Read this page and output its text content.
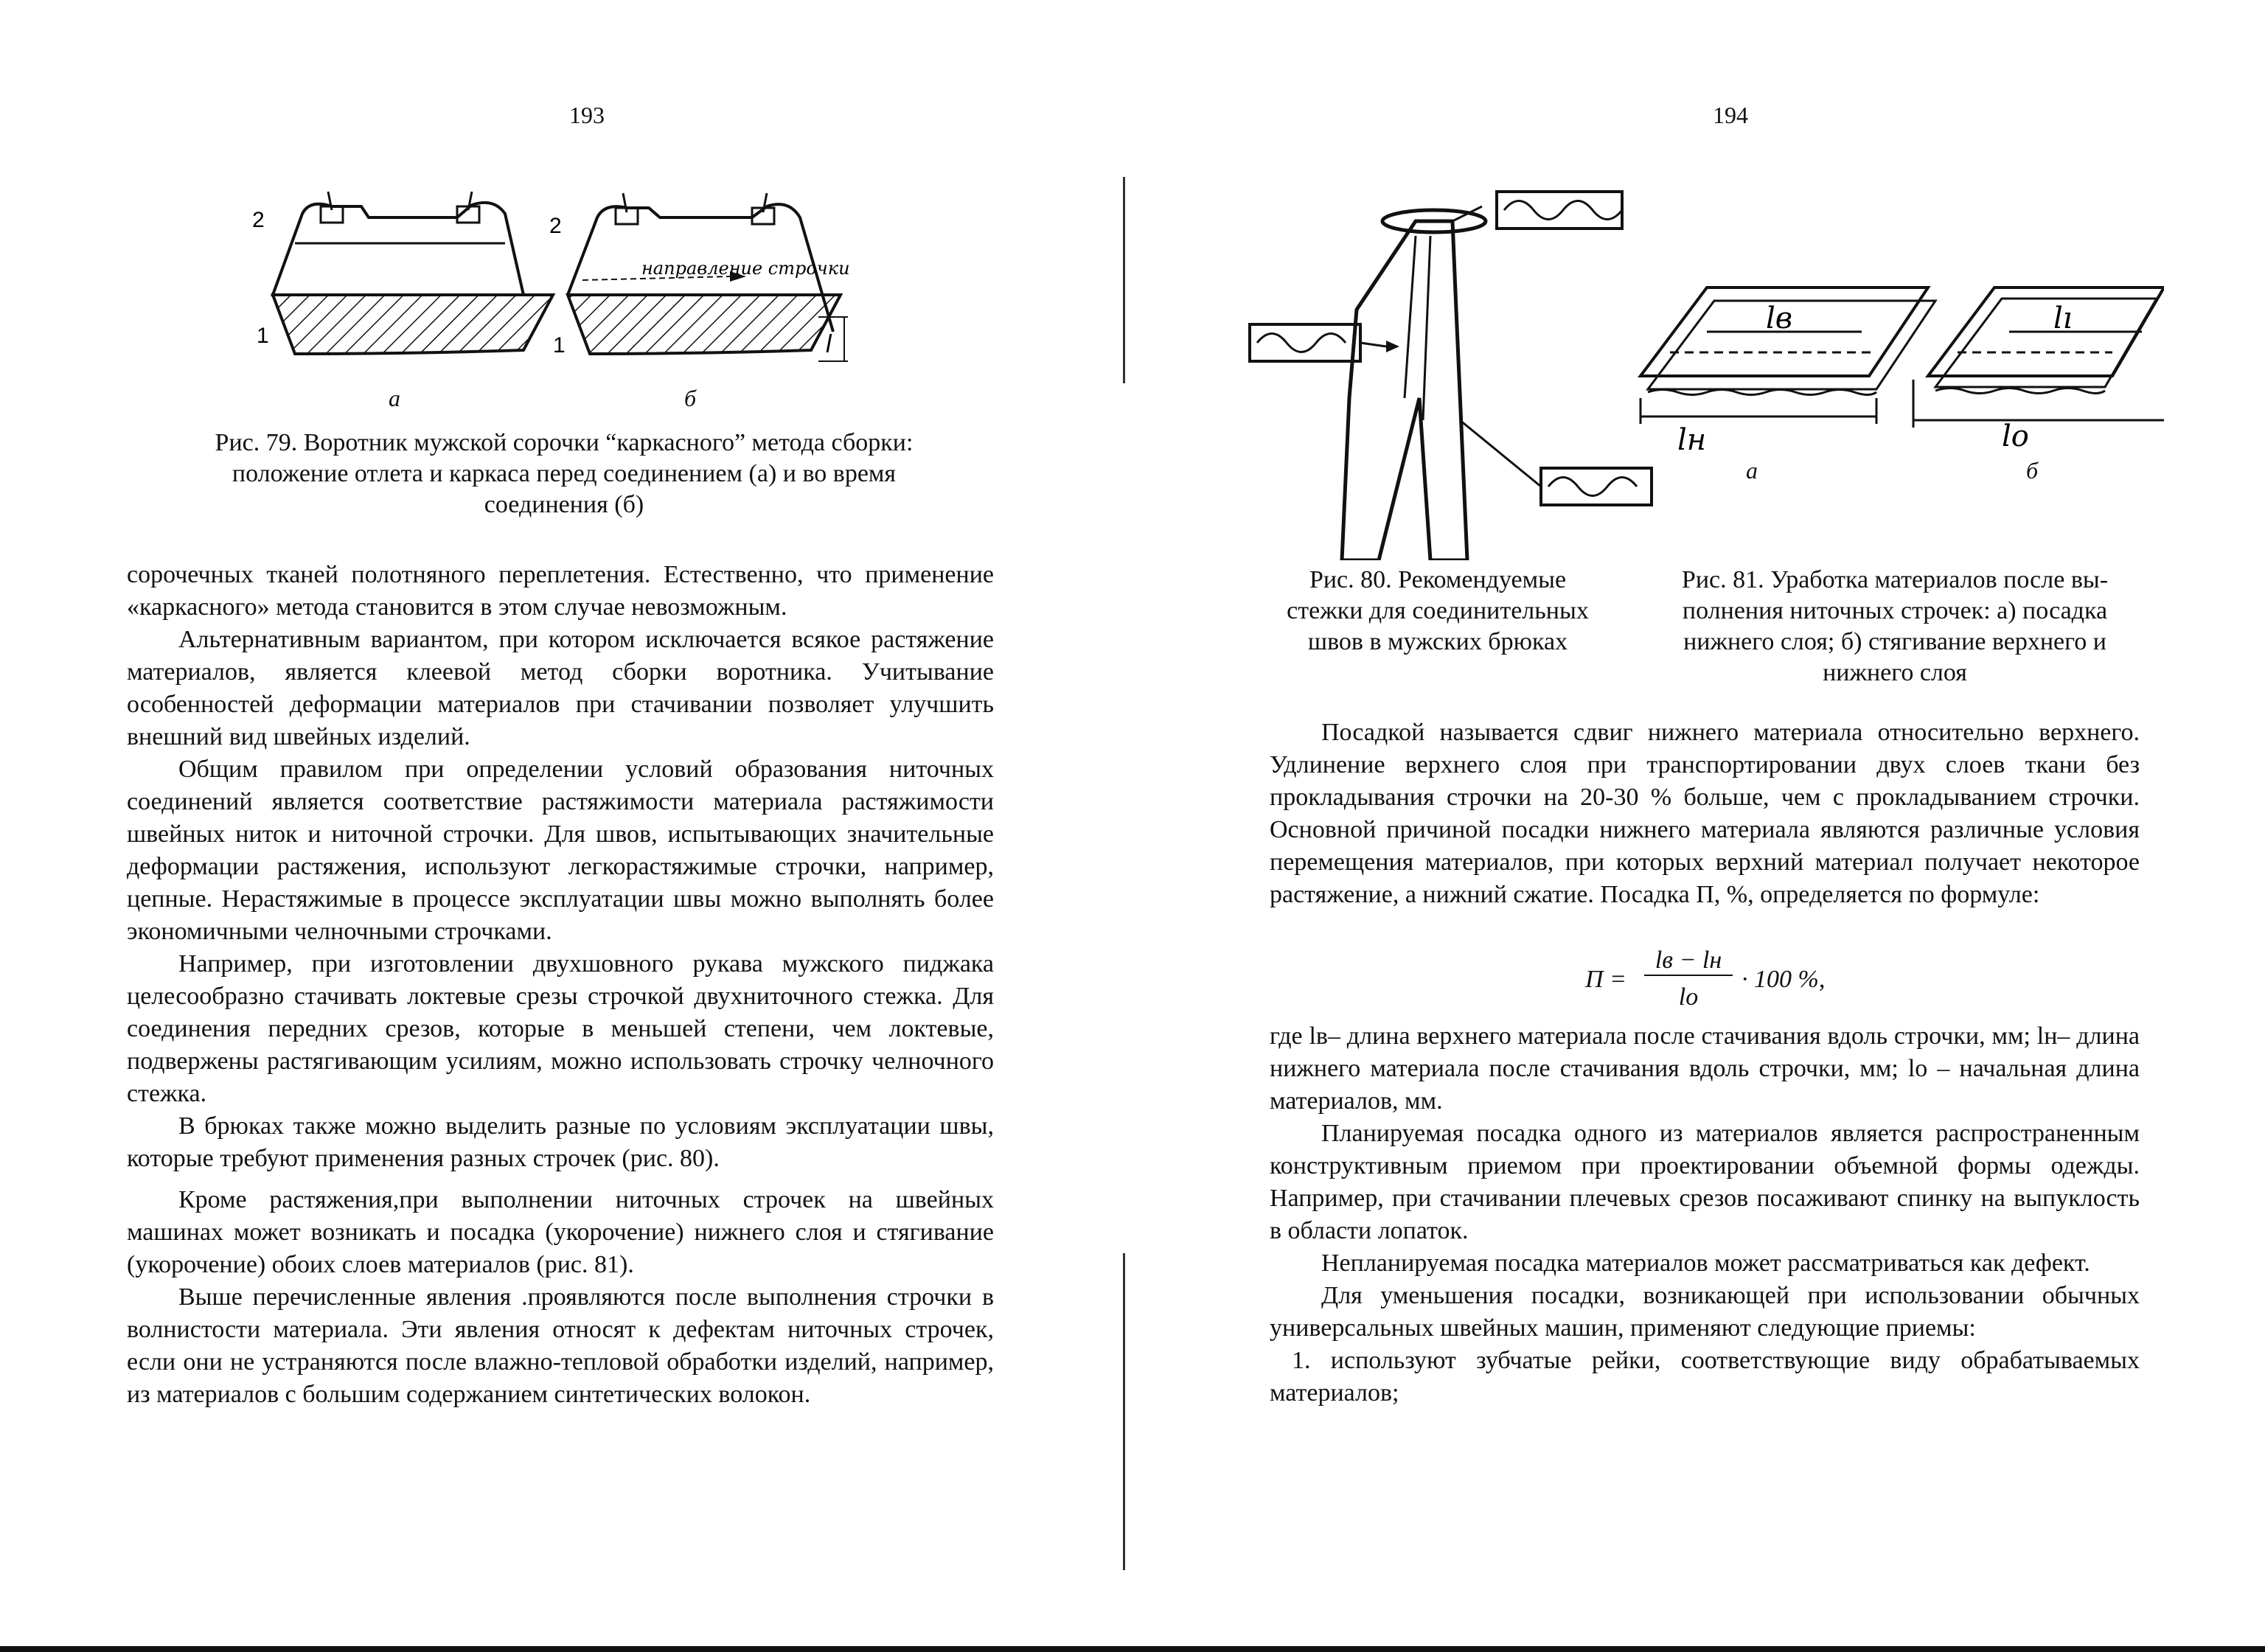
193
направление строчки
2
1
2
1	l
а	б
Рис. 79. Воротник мужской сорочки “каркасного” метода сборки:
положение отлета и каркаса перед соединением (а) и во время
соединения (б)

сорочечных тканей полотняного переплетения. Естественно, что применение «каркасного» метода становится в этом случае невозможным.

Альтернативным вариантом, при котором исключается всякое растяжение материалов, является клеевой метод сборки воротника. Учитывание особенностей деформации материалов при стачивании позволяет улучшить внешний вид швейных изделий.

Общим правилом при определении условий образования ниточных соединений является соответствие растяжимости материала растяжимости швейных ниток и ниточной строчки. Для швов, испытывающих значительные деформации растяжения, используют легкорастяжимые строчки, например, цепные. Нерастяжимые в процессе эксплуатации швы можно выполнять более экономичными челночными строчками.

Например, при изготовлении двухшовного рукава мужского пиджака целесообразно стачивать локтевые срезы строчкой двухниточного стежка. Для соединения передних срезов, которые в меньшей степени, чем локтевые, подвержены растягивающим усилиям, можно использовать строчку челночного стежка.

В брюках также можно выделить разные по условиям эксплуатации швы, которые требуют применения разных строчек (рис. 80).

Кроме растяжения,при выполнении ниточных строчек на швейных машинах может возникать и посадка (укорочение) нижнего слоя и стягивание (укорочение) обоих слоев материалов (рис. 81).

Выше перечисленные явления .проявляются после выполнения строчки в волнистости материала. Эти явления относят к дефектам ниточных строчек, если они не устраняются после влажно-тепловой обработки изделий, например, из материалов с большим содержанием синтетических волокон.

194
lв
lн
lı
lo
а	б
Рис. 80. Рекомендуемые
стежки для соединительных
швов в мужских брюках
Рис. 81. Уработка материалов после вы-
полнения ниточных строчек: а) посадка
нижнего слоя; б) стягивание верхнего и
нижнего слоя

Посадкой называется сдвиг нижнего материала относительно верхнего. Удлинение верхнего слоя при транспортировании двух слоев ткани без прокладывания строчки на 20-30 % больше, чем с прокладыванием строчки. Основной причиной посадки нижнего материала являются различные условия перемещения материалов, при которых верхний материал получает некоторое растяжение, а нижний сжатие. Посадка П, %, определяется по формуле:

П =
lв − lн
lo
· 100 %,

где lв– длина верхнего материала после стачивания вдоль строчки, мм; lн– длина нижнего материала после стачивания вдоль строчки, мм; lo – начальная длина материалов, мм.

Планируемая посадка одного из материалов является распространенным конструктивным приемом при проектировании объемной формы одежды. Например, при стачивании плечевых срезов посаживают спинку на выпуклость в области лопаток.

Непланируемая посадка материалов может рассматриваться как дефект.

Для уменьшения посадки, возникающей при использовании обычных универсальных швейных машин, применяют следующие приемы:

1. используют зубчатые рейки, соответствующие виду обрабатываемых материалов;
